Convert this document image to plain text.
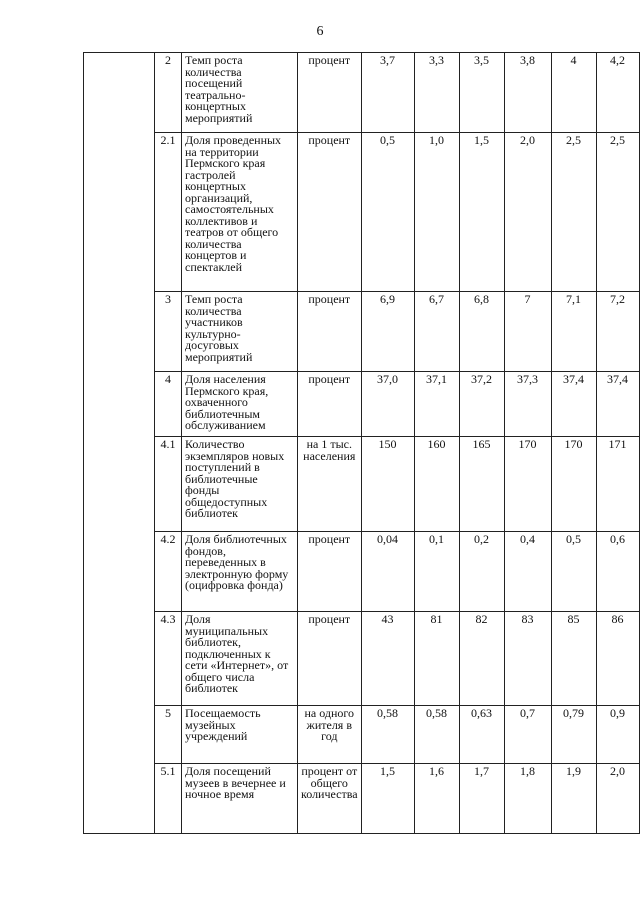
6
	2	Темп роста количества посещений театрально-концертных мероприятий	процент	3,7	3,3	3,5	3,8	4	4,2
	2.1	Доля проведенных на территории Пермского края гастролей концертных организаций, самостоятельных коллективов и театров от общего количества концертов и спектаклей	процент	0,5	1,0	1,5	2,0	2,5	2,5
	3	Темп роста количества участников культурно-досуговых мероприятий	процент	6,9	6,7	6,8	7	7,1	7,2
	4	Доля населения Пермского края, охваченного библиотечным обслуживанием	процент	37,0	37,1	37,2	37,3	37,4	37,4
	4.1	Количество экземпляров новых поступлений в библиотечные фонды общедоступных библиотек	на 1 тыс. населения	150	160	165	170	170	171
	4.2	Доля библиотечных фондов, переведенных в электронную форму (оцифровка фонда)	процент	0,04	0,1	0,2	0,4	0,5	0,6
	4.3	Доля муниципальных библиотек, подключенных к сети «Интернет», от общего числа библиотек	процент	43	81	82	83	85	86
	5	Посещаемость музейных учреждений	на одного жителя в год	0,58	0,58	0,63	0,7	0,79	0,9
	5.1	Доля посещений музеев в вечернее и ночное время	процент от общего количества	1,5	1,6	1,7	1,8	1,9	2,0
